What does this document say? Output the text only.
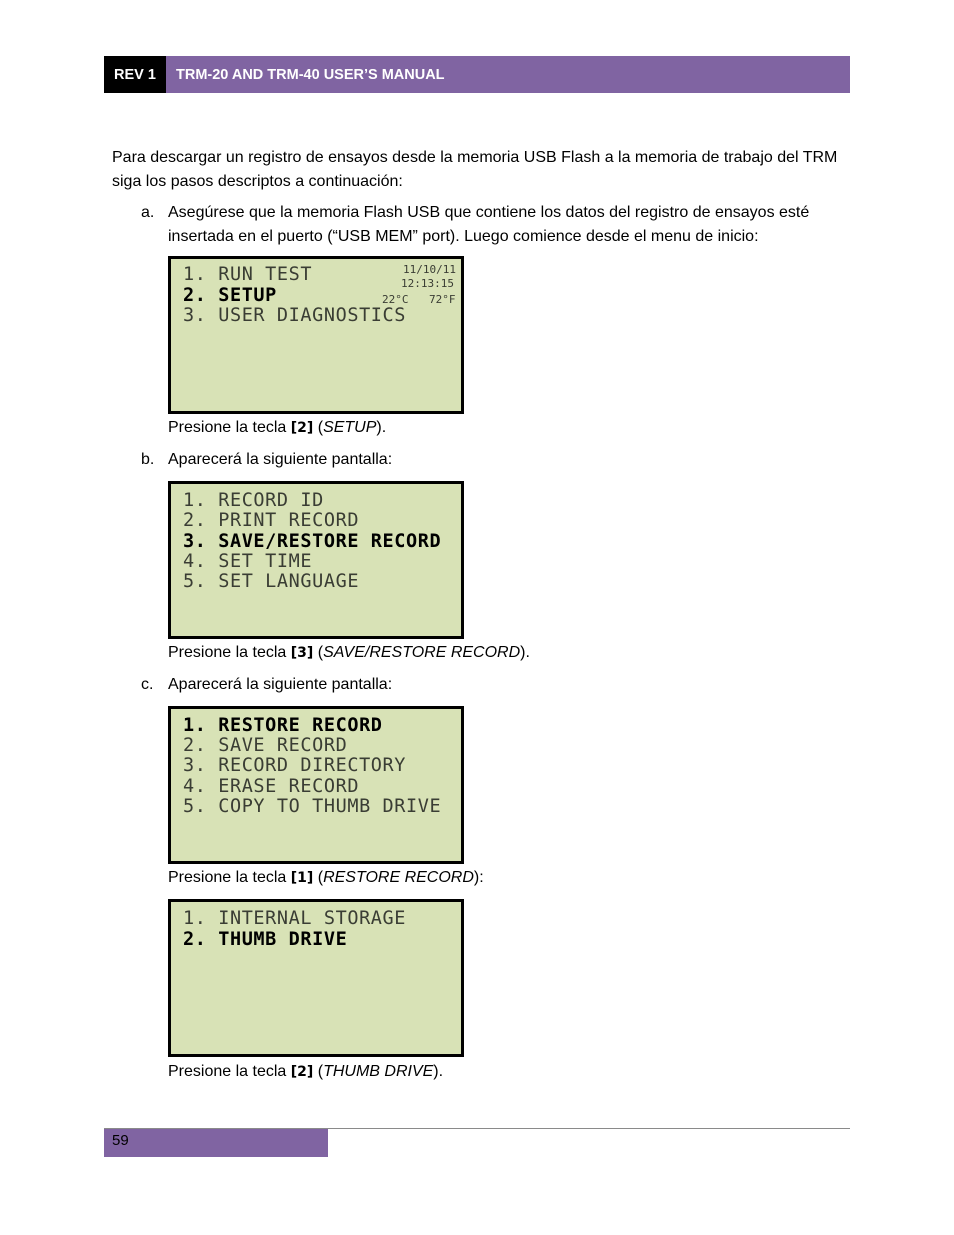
REV 1	TRM-20 AND TRM-40 USER’S MANUAL
Para descargar un registro de ensayos desde la memoria USB Flash a la memoria de trabajo del TRM siga los pasos descriptos a continuación:
a. Asegúrese que la memoria Flash USB que contiene los datos del registro de ensayos esté insertada en el puerto (“USB MEM” port). Luego comience desde el menu de inicio:
1. RUN TEST
2. SETUP
3. USER DIAGNOSTICS
11/10/11
12:13:15
22°C 72°F
Presione la tecla [2] (SETUP).
b. Aparecerá la siguiente pantalla:
1. RECORD ID
2. PRINT RECORD
3. SAVE/RESTORE RECORD
4. SET TIME
5. SET LANGUAGE
Presione la tecla [3] (SAVE/RESTORE RECORD).
c. Aparecerá la siguiente pantalla:
1. RESTORE RECORD
2. SAVE RECORD
3. RECORD DIRECTORY
4. ERASE RECORD
5. COPY TO THUMB DRIVE
Presione la tecla [1] (RESTORE RECORD):
1. INTERNAL STORAGE
2. THUMB DRIVE
Presione la tecla [2] (THUMB DRIVE).
59
